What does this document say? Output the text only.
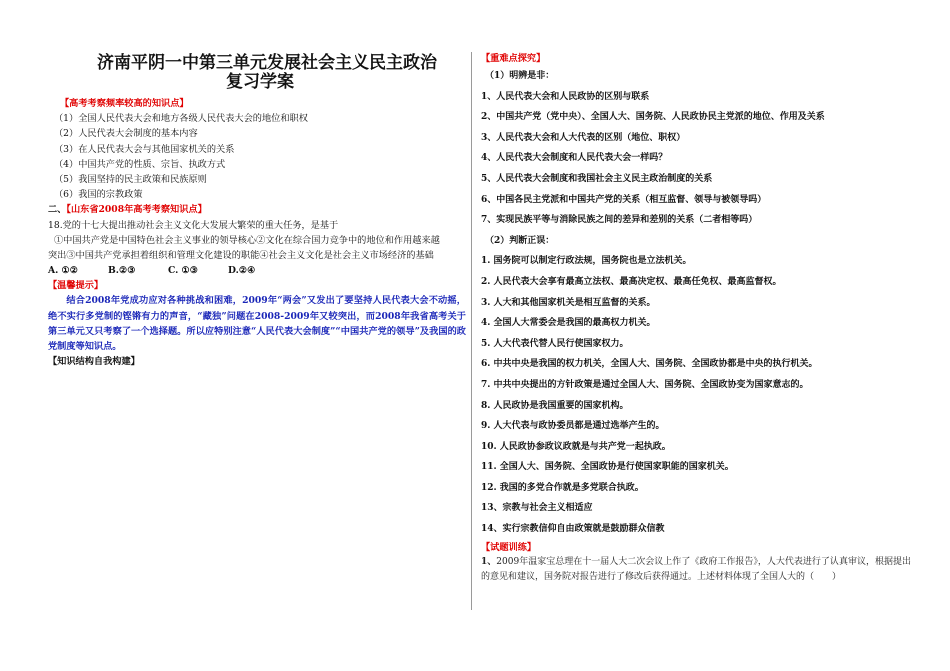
济南平阴一中第三单元发展社会主义民主政治
复习学案
【高考考察频率较高的知识点】
（1）全国人民代表大会和地方各级人民代表大会的地位和职权
（2）人民代表大会制度的基本内容
（3）在人民代表大会与其他国家机关的关系
（4）中国共产党的性质、宗旨、执政方式
（5）我国坚持的民主政策和民族原则
（6）我国的宗教政策
二、【山东省2008年高考考察知识点】
18.党的十七大提出推动社会主义文化大发展大繁荣的重大任务，是基于
①中国共产党是中国特色社会主义事业的领导核心②文化在综合国力竞争中的地位和作用越来越
突出③中国共产党承担着组织和管理文化建设的职能④社会主义文化是社会主义市场经济的基础
A. ①②	B.②③	C. ①③	D.②④
【温馨提示】
结合2008年党成功应对各种挑战和困难，2009年“两会”又发出了要坚持人民代表大会不动摇，绝不实行多党制的铿锵有力的声音，“藏独”问题在2008-2009年又较突出，而2008年我省高考关于第三单元又只考察了一个选择题。所以应特别注意“人民代表大会制度”“中国共产党的领导”及我国的政党制度等知识点。
【知识结构自我构建】
【重难点探究】
（1）明辨是非：
1、人民代表大会和人民政协的区别与联系
2、中国共产党（党中央）、全国人大、国务院、人民政协民主党派的地位、作用及关系
3、人民代表大会和人大代表的区别（地位、职权）
4、人民代表大会制度和人民代表大会一样吗？
5、人民代表大会制度和我国社会主义民主政治制度的关系
6、中国各民主党派和中国共产党的关系（相互监督、领导与被领导吗）
7、实现民族平等与消除民族之间的差异和差别的关系（二者相等吗）
（2）判断正误：
1. 国务院可以制定行政法规，国务院也是立法机关。
2. 人民代表大会享有最高立法权、最高决定权、最高任免权、最高监督权。
3. 人大和其他国家机关是相互监督的关系。
4. 全国人大常委会是我国的最高权力机关。
5. 人大代表代替人民行使国家权力。
6. 中共中央是我国的权力机关，全国人大、国务院、全国政协都是中央的执行机关。
7. 中共中央提出的方针政策是通过全国人大、国务院、全国政协变为国家意志的。
8. 人民政协是我国重要的国家机构。
9. 人大代表与政协委员都是通过选举产生的。
10. 人民政协参政议政就是与共产党一起执政。
11. 全国人大、国务院、全国政协是行使国家职能的国家机关。
12. 我国的多党合作就是多党联合执政。
13、宗教与社会主义相适应
14、实行宗教信仰自由政策就是鼓励群众信教
【试题训练】
1、2009年温家宝总理在十一届人大二次会议上作了《政府工作报告》，人大代表进行了认真审议，根据提出的意见和建议，国务院对报告进行了修改后获得通过。上述材料体现了全国人大的（　　）
